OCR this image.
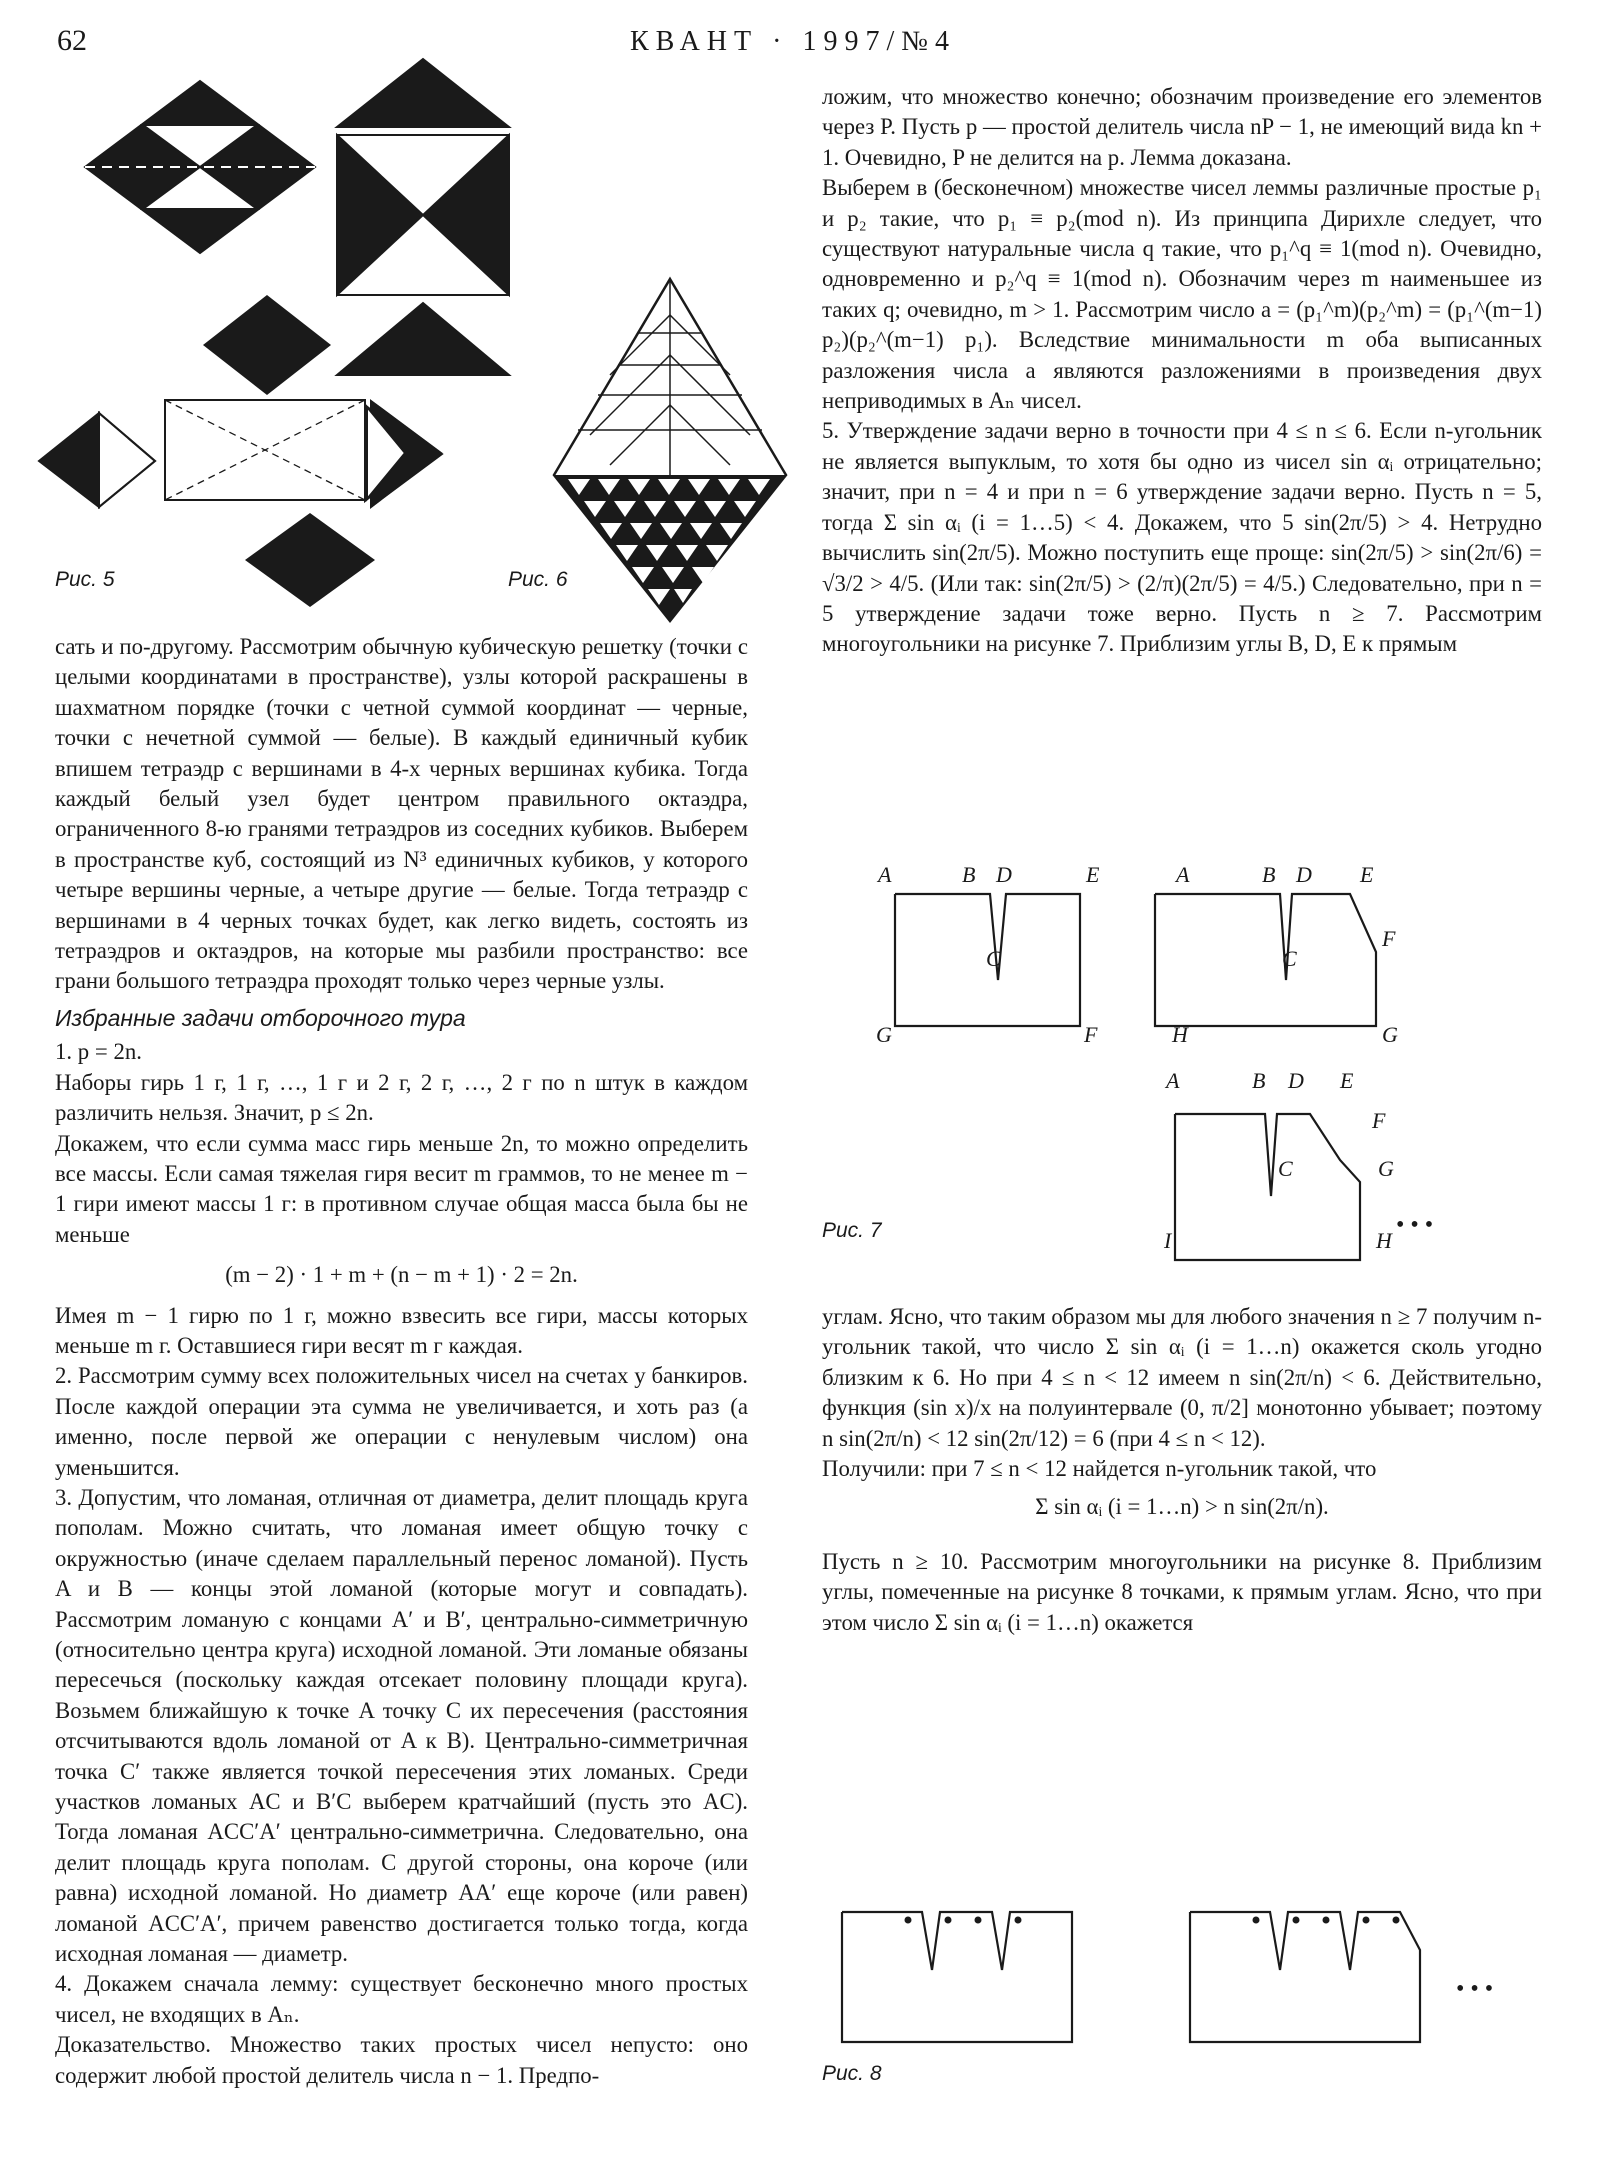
62	КВАНТ · 1997/№4
Рис. 5	Рис. 6

сать и по-другому. Рассмотрим обычную кубическую решетку (точки с целыми координатами в пространстве), узлы которой раскрашены в шахматном порядке (точки с четной суммой координат — черные, точки с нечетной суммой — белые). В каждый единичный кубик впишем тетраэдр с вершинами в 4-х черных вершинах кубика. Тогда каждый белый узел будет центром правильного октаэдра, ограниченного 8-ю гранями тетраэдров из соседних кубиков. Выберем в пространстве куб, состоящий из N³ единичных кубиков, у которого четыре вершины черные, а четыре другие — белые. Тогда тетраэдр с вершинами в 4 черных точках будет, как легко видеть, состоять из тетраэдров и октаэдров, на которые мы разбили пространство: все грани большого тетраэдра проходят только через черные узлы.

Избранные задачи отборочного тура

1. p = 2n.

Наборы гирь 1 г, 1 г, …, 1 г и 2 г, 2 г, …, 2 г по n штук в каждом различить нельзя. Значит, p ≤ 2n.

Докажем, что если сумма масс гирь меньше 2n, то можно определить все массы. Если самая тяжелая гиря весит m граммов, то не менее m − 1 гири имеют массы 1 г: в противном случае общая масса была бы не меньше

(m − 2) · 1 + m + (n − m + 1) · 2 = 2n.

Имея m − 1 гирю по 1 г, можно взвесить все гири, массы которых меньше m г. Оставшиеся гири весят m г каждая.

2. Рассмотрим сумму всех положительных чисел на счетах у банкиров. После каждой операции эта сумма не увеличивается, и хоть раз (а именно, после первой же операции с ненулевым числом) она уменьшится.

3. Допустим, что ломаная, отличная от диаметра, делит площадь круга пополам. Можно считать, что ломаная имеет общую точку с окружностью (иначе сделаем параллельный перенос ломаной). Пусть A и B — концы этой ломаной (которые могут и совпадать). Рассмотрим ломаную с концами A′ и B′, центрально-симметричную (относительно центра круга) исходной ломаной. Эти ломаные обязаны пересечься (поскольку каждая отсекает половину площади круга). Возьмем ближайшую к точке A точку C их пересечения (расстояния отсчитываются вдоль ломаной от A к B). Центрально-симметричная точка C′ также является точкой пересечения этих ломаных. Среди участков ломаных AC и B′C выберем кратчайший (пусть это AC). Тогда ломаная ACC′A′ центрально-симметрична. Следовательно, она делит площадь круга пополам. С другой стороны, она короче (или равна) исходной ломаной. Но диаметр AA′ еще короче (или равен) ломаной ACC′A′, причем равенство достигается только тогда, когда исходная ломаная — диаметр.

4. Докажем сначала лемму: существует бесконечно много простых чисел, не входящих в Aₙ.

Доказательство. Множество таких простых чисел непусто: оно содержит любой простой делитель числа n − 1. Предпо-

ложим, что множество конечно; обозначим произведение его элементов через P. Пусть p — простой делитель числа nP − 1, не имеющий вида kn + 1. Очевидно, P не делится на p. Лемма доказана.

Выберем в (бесконечном) множестве чисел леммы различные простые p₁ и p₂ такие, что p₁ ≡ p₂(mod n). Из принципа Дирихле следует, что существуют натуральные числа q такие, что p₁^q ≡ 1(mod n). Очевидно, одновременно и p₂^q ≡ 1(mod n). Обозначим через m наименьшее из таких q; очевидно, m > 1. Рассмотрим число a = (p₁^m)(p₂^m) = (p₁^(m−1) p₂)(p₂^(m−1) p₁). Вследствие минимальности m оба выписанных разложения числа a являются разложениями в произведения двух неприводимых в Aₙ чисел.

5. Утверждение задачи верно в точности при 4 ≤ n ≤ 6. Если n-угольник не является выпуклым, то хотя бы одно из чисел sin αᵢ отрицательно; значит, при n = 4 и при n = 6 утверждение задачи верно. Пусть n = 5, тогда Σ sin αᵢ (i = 1…5) < 4. Докажем, что 5 sin(2π/5) > 4. Нетрудно вычислить sin(2π/5). Можно поступить еще проще: sin(2π/5) > sin(2π/6) = √3/2 > 4/5. (Или так: sin(2π/5) > (2/π)(2π/5) = 4/5.) Следовательно, при n = 5 утверждение задачи тоже верно. Пусть n ≥ 7. Рассмотрим многоугольники на рисунке 7. Приблизим углы B, D, E к прямым

Рис. 7
A	B D	E
C
G	F
A	B D E
F
C
H	G
A	B D E
F
C	G
I	H
• • •

углам. Ясно, что таким образом мы для любого значения n ≥ 7 получим n-угольник такой, что число Σ sin αᵢ (i = 1…n) окажется сколь угодно близким к 6. Но при 4 ≤ n < 12 имеем n sin(2π/n) < 6. Действительно, функция (sin x)/x на полуинтервале (0, π/2] монотонно убывает; поэтому n sin(2π/n) < 12 sin(2π/12) = 6 (при 4 ≤ n < 12).

Получили: при 7 ≤ n < 12 найдется n-угольник такой, что

Σ sin αᵢ (i = 1…n) > n sin(2π/n).

Пусть n ≥ 10. Рассмотрим многоугольники на рисунке 8. Приблизим углы, помеченные на рисунке 8 точками, к прямым углам. Ясно, что при этом число Σ sin αᵢ (i = 1…n) окажется

• • •
Рис. 8
